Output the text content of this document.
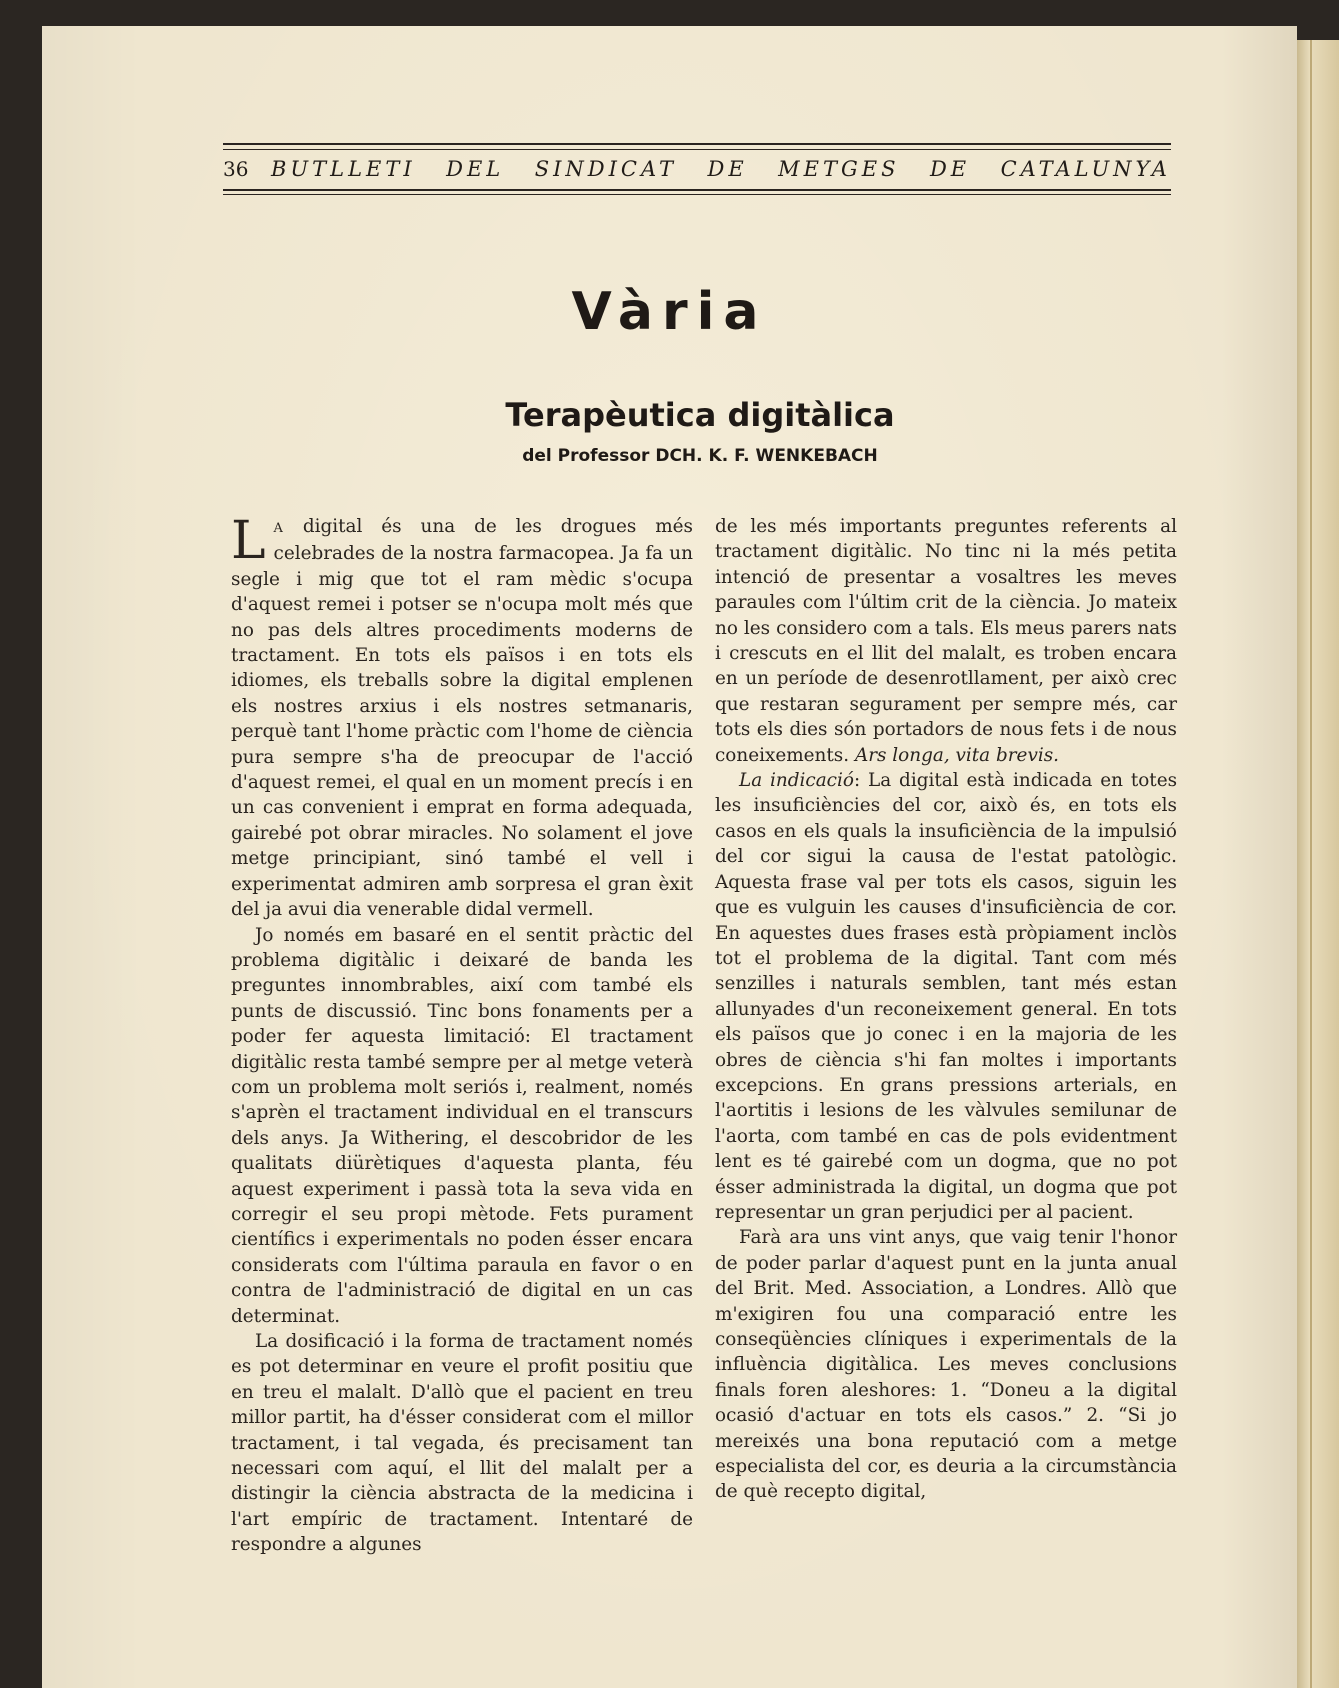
36	BUTLLETI DEL SINDICAT DE METGES DE CATALUNYA
Vària
Terapèutica digitàlica

del Professor DCH. K. F. WENKEBACH

L A digital és una de les drogues més celebrades de la nostra farmacopea. Ja fa un segle i mig que tot el ram mèdic s'ocupa d'aquest remei i potser se n'ocupa molt més que no pas dels altres procediments moderns de tractament. En tots els països i en tots els idiomes, els treballs sobre la digital emplenen els nostres arxius i els nostres setmanaris, perquè tant l'home pràctic com l'home de ciència pura sempre s'ha de preocupar de l'acció d'aquest remei, el qual en un moment precís i en un cas convenient i emprat en forma adequada, gairebé pot obrar miracles. No solament el jove metge principiant, sinó també el vell i experimentat admiren amb sorpresa el gran èxit del ja avui dia venerable didal vermell.

Jo només em basaré en el sentit pràctic del problema digitàlic i deixaré de banda les preguntes innombrables, així com també els punts de discussió. Tinc bons fonaments per a poder fer aquesta limitació: El tractament digitàlic resta també sempre per al metge veterà com un problema molt seriós i, realment, només s'aprèn el tractament individual en el transcurs dels anys. Ja Withering, el descobridor de les qualitats diürètiques d'aquesta planta, féu aquest experiment i passà tota la seva vida en corregir el seu propi mètode. Fets purament científics i experimentals no poden ésser encara considerats com l'última paraula en favor o en contra de l'administració de digital en un cas determinat.

La dosificació i la forma de tractament només es pot determinar en veure el profit positiu que en treu el malalt. D'allò que el pacient en treu millor partit, ha d'ésser considerat com el millor tractament, i tal vegada, és precisament tan necessari com aquí, el llit del malalt per a distingir la ciència abstracta de la medicina i l'art empíric de tractament. Intentaré de respondre a algunes

de les més importants preguntes referents al tractament digitàlic. No tinc ni la més petita intenció de presentar a vosaltres les meves paraules com l'últim crit de la ciència. Jo mateix no les considero com a tals. Els meus parers nats i crescuts en el llit del malalt, es troben encara en un període de desenrotllament, per això crec que restaran segurament per sempre més, car tots els dies són portadors de nous fets i de nous coneixements. Ars longa, vita brevis.

La indicació: La digital està indicada en totes les insuficiències del cor, això és, en tots els casos en els quals la insuficiència de la impulsió del cor sigui la causa de l'estat patològic. Aquesta frase val per tots els casos, siguin les que es vulguin les causes d'insuficiència de cor. En aquestes dues frases està pròpiament inclòs tot el problema de la digital. Tant com més senzilles i naturals semblen, tant més estan allunyades d'un reconeixement general. En tots els països que jo conec i en la majoria de les obres de ciència s'hi fan moltes i importants excepcions. En grans pressions arterials, en l'aortitis i lesions de les vàlvules semilunar de l'aorta, com també en cas de pols evidentment lent es té gairebé com un dogma, que no pot ésser administrada la digital, un dogma que pot representar un gran perjudici per al pacient.

Farà ara uns vint anys, que vaig tenir l'honor de poder parlar d'aquest punt en la junta anual del Brit. Med. Association, a Londres. Allò que m'exigiren fou una comparació entre les conseqüències clíniques i experimentals de la influència digitàlica. Les meves conclusions finals foren aleshores: 1. “Doneu a la digital ocasió d'actuar en tots els casos.” 2. “Si jo mereixés una bona reputació com a metge especialista del cor, es deuria a la circumstància de què recepto digital,
